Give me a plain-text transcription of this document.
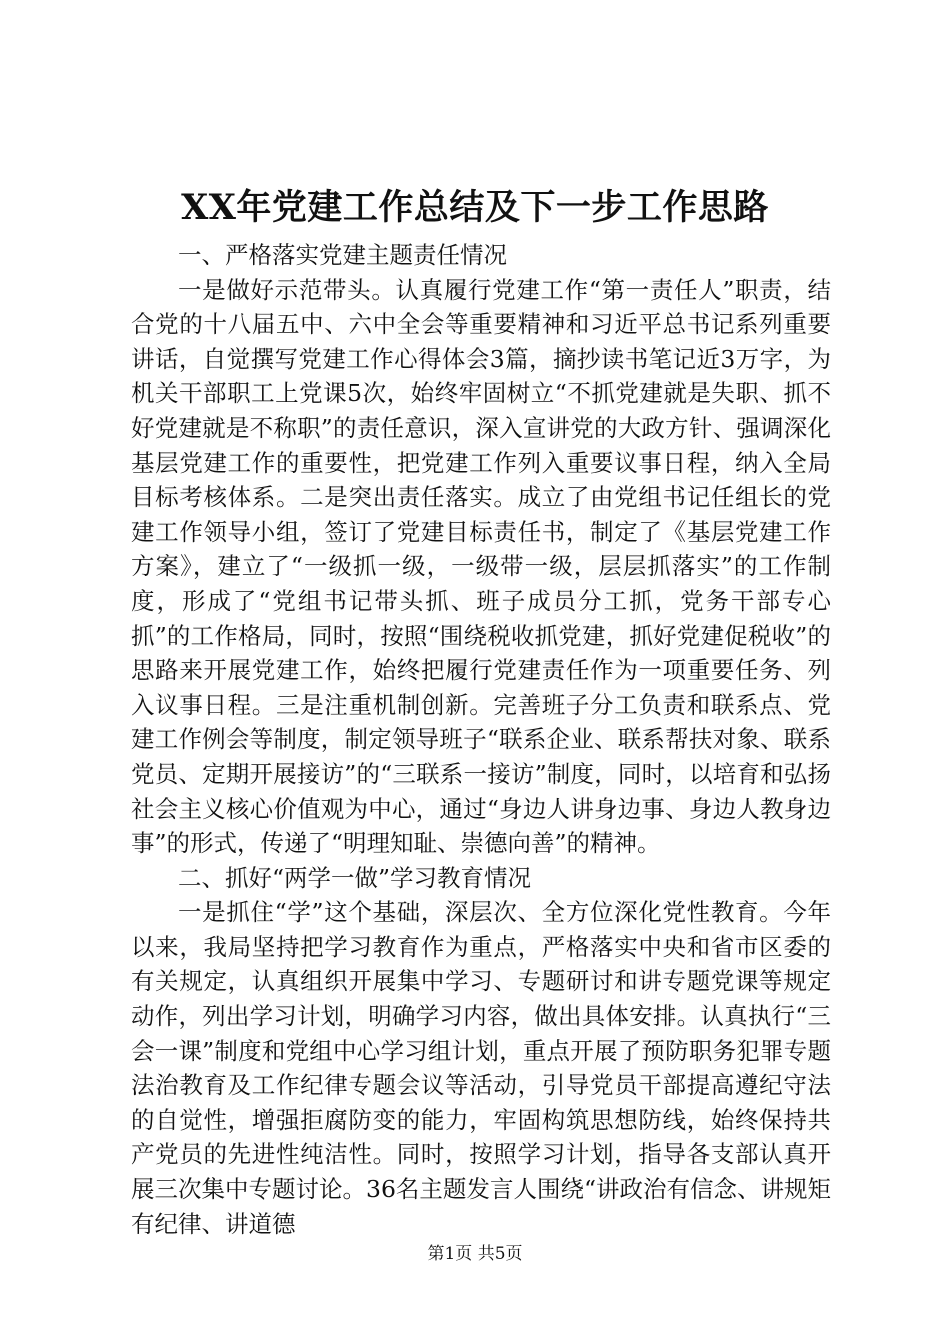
XX年党建工作总结及下一步工作思路

一、严格落实党建主题责任情况

一是做好示范带头。认真履行党建工作“第一责任人”职责，结合党的十八届五中、六中全会等重要精神和习近平总书记系列重要讲话，自觉撰写党建工作心得体会3篇，摘抄读书笔记近3万字，为机关干部职工上党课5次，始终牢固树立“不抓党建就是失职、抓不好党建就是不称职”的责任意识，深入宣讲党的大政方针、强调深化基层党建工作的重要性，把党建工作列入重要议事日程，纳入全局目标考核体系。二是突出责任落实。成立了由党组书记任组长的党建工作领导小组，签订了党建目标责任书，制定了《基层党建工作方案》，建立了“一级抓一级，一级带一级，层层抓落实”的工作制度，形成了“党组书记带头抓、班子成员分工抓，党务干部专心抓”的工作格局，同时，按照“围绕税收抓党建，抓好党建促税收”的思路来开展党建工作，始终把履行党建责任作为一项重要任务、列入议事日程。三是注重机制创新。完善班子分工负责和联系点、党建工作例会等制度，制定领导班子“联系企业、联系帮扶对象、联系党员、定期开展接访”的“三联系一接访”制度，同时，以培育和弘扬社会主义核心价值观为中心，通过“身边人讲身边事、身边人教身边事”的形式，传递了“明理知耻、崇德向善”的精神。

二、抓好“两学一做”学习教育情况

一是抓住“学”这个基础，深层次、全方位深化党性教育。今年以来，我局坚持把学习教育作为重点，严格落实中央和省市区委的有关规定，认真组织开展集中学习、专题研讨和讲专题党课等规定动作，列出学习计划，明确学习内容，做出具体安排。认真执行“三会一课”制度和党组中心学习组计划，重点开展了预防职务犯罪专题法治教育及工作纪律专题会议等活动，引导党员干部提高遵纪守法的自觉性，增强拒腐防变的能力，牢固构筑思想防线，始终保持共产党员的先进性纯洁性。同时，按照学习计划，指导各支部认真开展三次集中专题讨论。36名主题发言人围绕“讲政治有信念、讲规矩有纪律、讲道德

第1页 共5页
